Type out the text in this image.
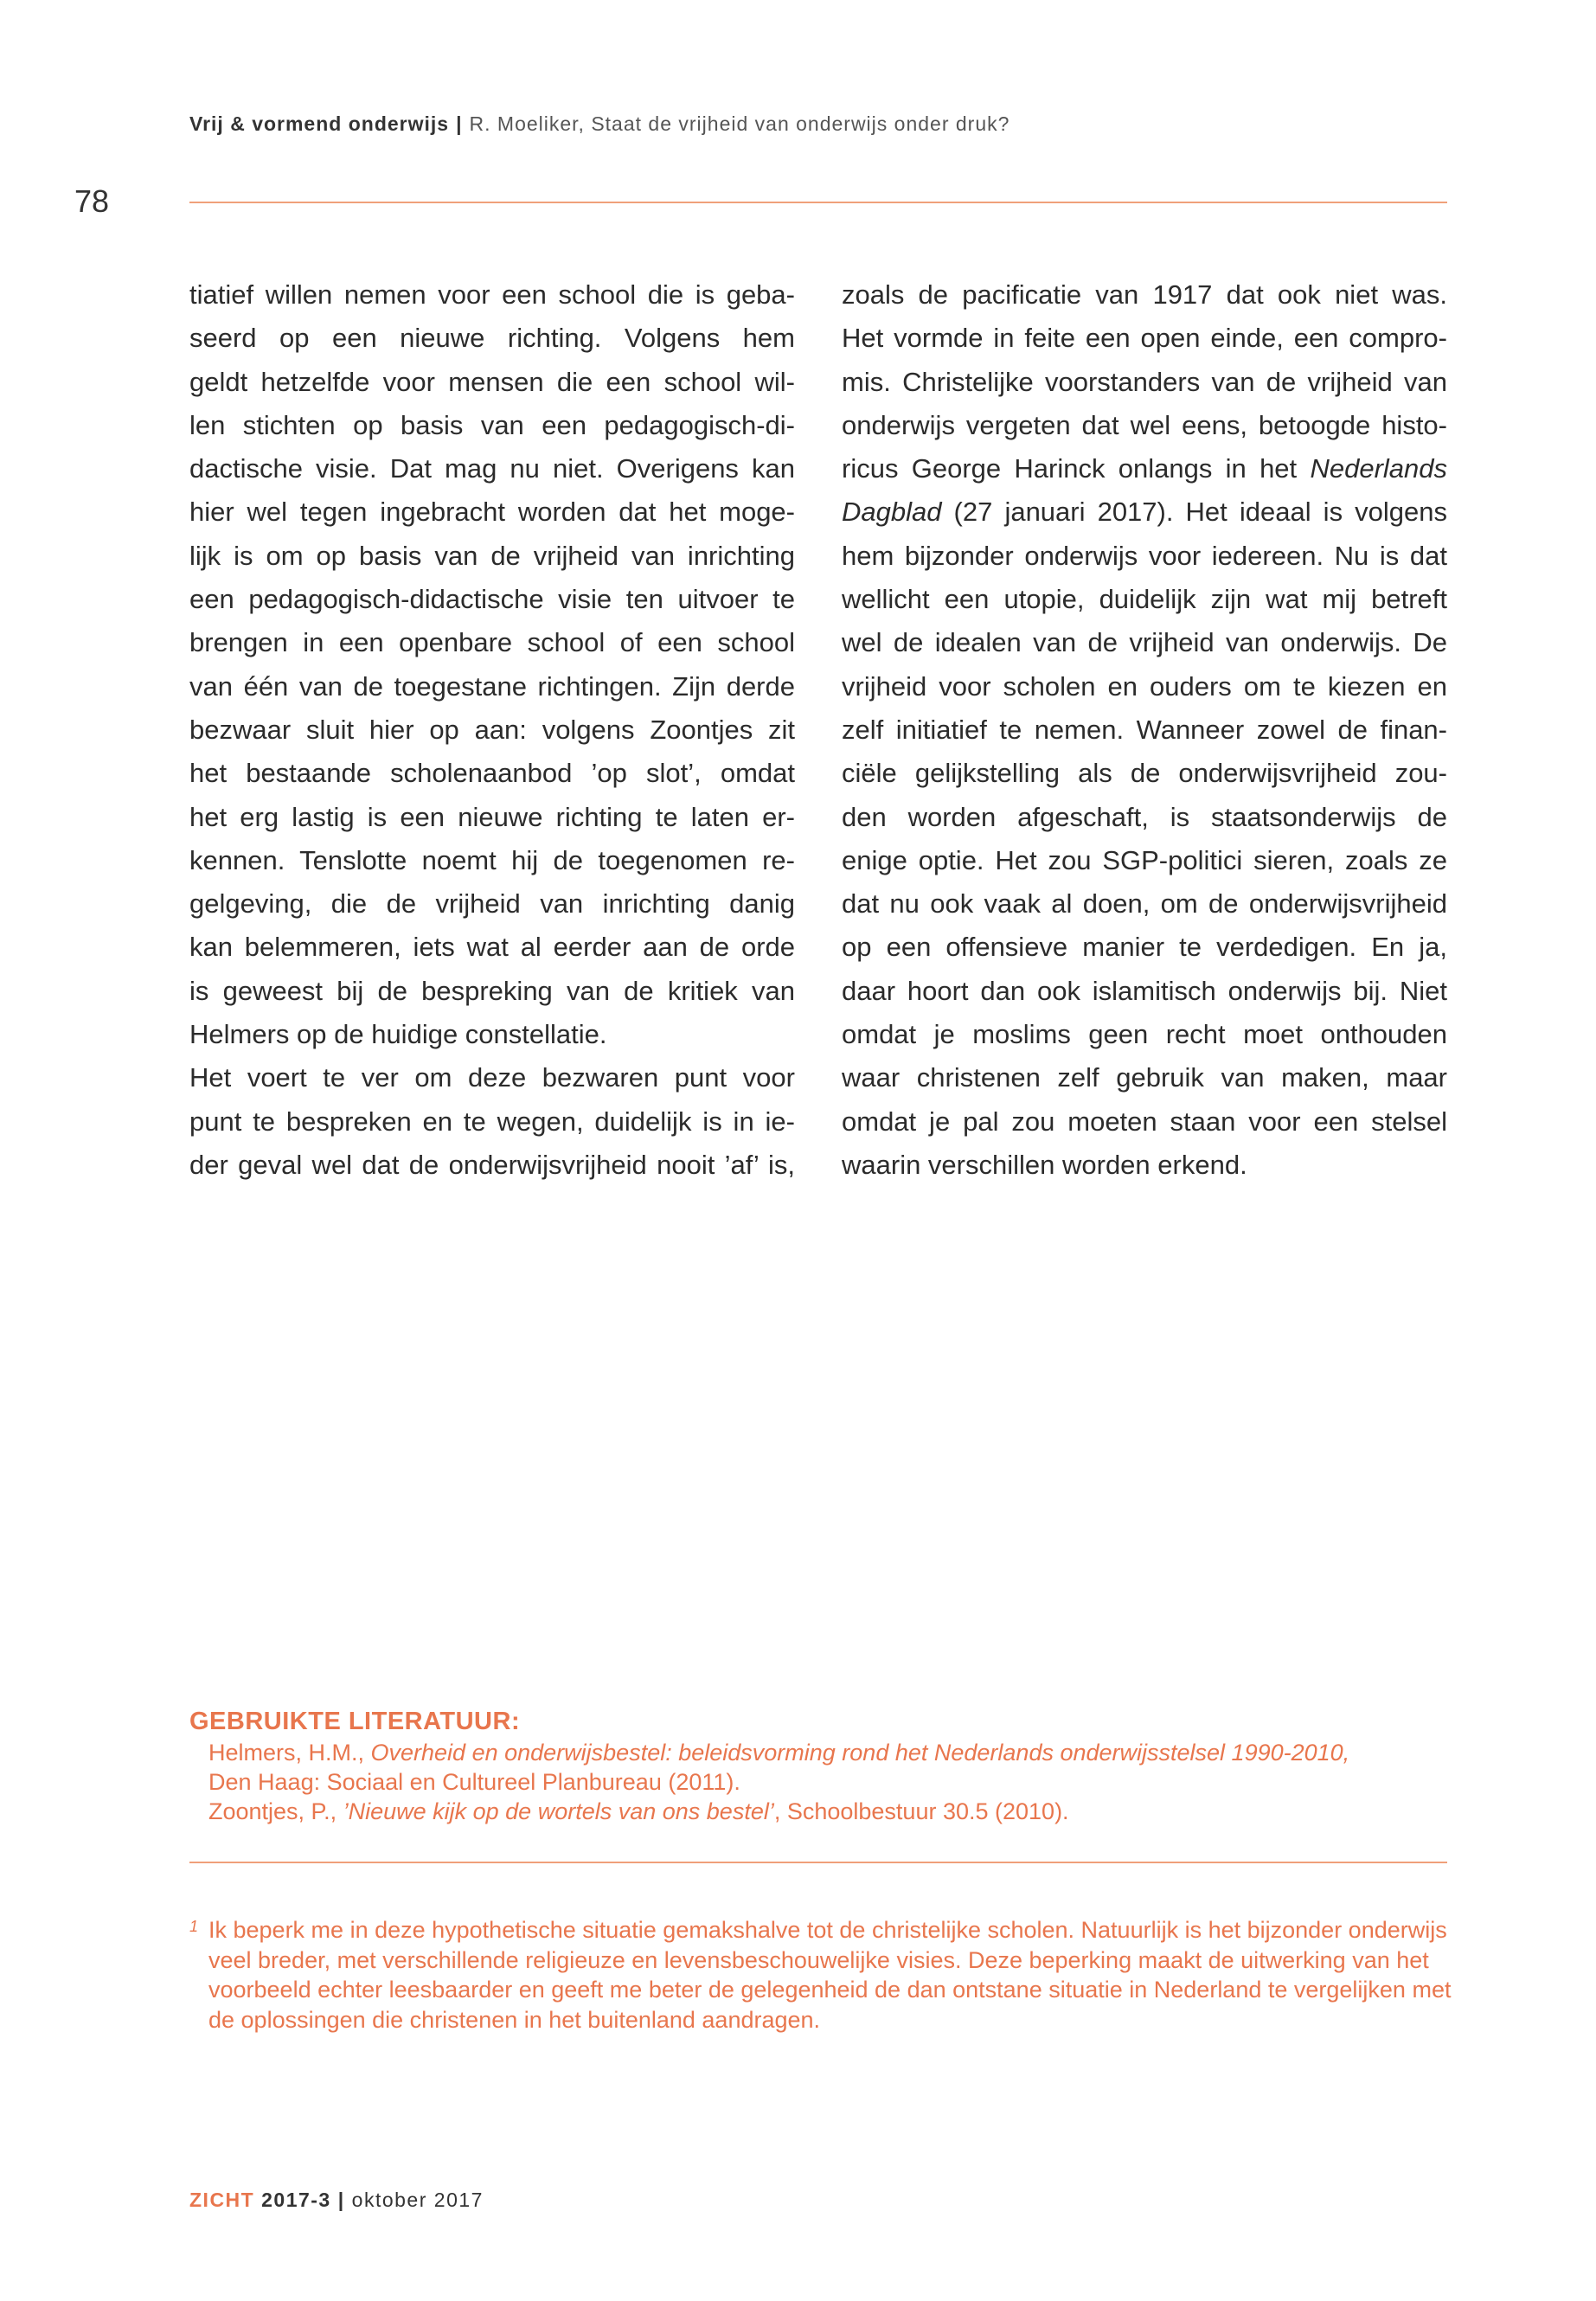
Vrij & vormend onderwijs | R. Moeliker, Staat de vrijheid van onderwijs onder druk?
78
tiatief willen nemen voor een school die is geba-
seerd op een nieuwe richting. Volgens hem
geldt hetzelfde voor mensen die een school wil-
len stichten op basis van een pedagogisch-di-
dactische visie. Dat mag nu niet. Overigens kan
hier wel tegen ingebracht worden dat het moge-
lijk is om op basis van de vrijheid van inrichting
een pedagogisch-didactische visie ten uitvoer te
brengen in een openbare school of een school
van één van de toegestane richtingen. Zijn derde
bezwaar sluit hier op aan: volgens Zoontjes zit
het bestaande scholenaanbod ’op slot’, omdat
het erg lastig is een nieuwe richting te laten er-
kennen. Tenslotte noemt hij de toegenomen re-
gelgeving, die de vrijheid van inrichting danig
kan belemmeren, iets wat al eerder aan de orde
is geweest bij de bespreking van de kritiek van
Helmers op de huidige constellatie.
Het voert te ver om deze bezwaren punt voor
punt te bespreken en te wegen, duidelijk is in ie-
der geval wel dat de onderwijsvrijheid nooit ’af’ is,
zoals de pacificatie van 1917 dat ook niet was.
Het vormde in feite een open einde, een compro-
mis. Christelijke voorstanders van de vrijheid van
onderwijs vergeten dat wel eens, betoogde histo-
ricus George Harinck onlangs in het Nederlands
Dagblad (27 januari 2017). Het ideaal is volgens
hem bijzonder onderwijs voor iedereen. Nu is dat
wellicht een utopie, duidelijk zijn wat mij betreft
wel de idealen van de vrijheid van onderwijs. De
vrijheid voor scholen en ouders om te kiezen en
zelf initiatief te nemen. Wanneer zowel de finan-
ciële gelijkstelling als de onderwijsvrijheid zou-
den worden afgeschaft, is staatsonderwijs de
enige optie. Het zou SGP-politici sieren, zoals ze
dat nu ook vaak al doen, om de onderwijsvrijheid
op een offensieve manier te verdedigen. En ja,
daar hoort dan ook islamitisch onderwijs bij. Niet
omdat je moslims geen recht moet onthouden
waar christenen zelf gebruik van maken, maar
omdat je pal zou moeten staan voor een stelsel
waarin verschillen worden erkend.
GEBRUIKTE LITERATUUR:
Helmers, H.M., Overheid en onderwijsbestel: beleidsvorming rond het Nederlands onderwijsstelsel 1990-2010,
Den Haag: Sociaal en Cultureel Planbureau (2011).
Zoontjes, P., ’Nieuwe kijk op de wortels van ons bestel’, Schoolbestuur 30.5 (2010).
1 Ik beperk me in deze hypothetische situatie gemakshalve tot de christelijke scholen. Natuurlijk is het bijzonder onderwijs veel breder, met verschillende religieuze en levensbeschouwelijke visies. Deze beperking maakt de uitwerking van het voorbeeld echter leesbaarder en geeft me beter de gelegenheid de dan ontstane situatie in Nederland te vergelijken met de oplossingen die christenen in het buitenland aandragen.
ZICHT 2017-3 | oktober 2017
